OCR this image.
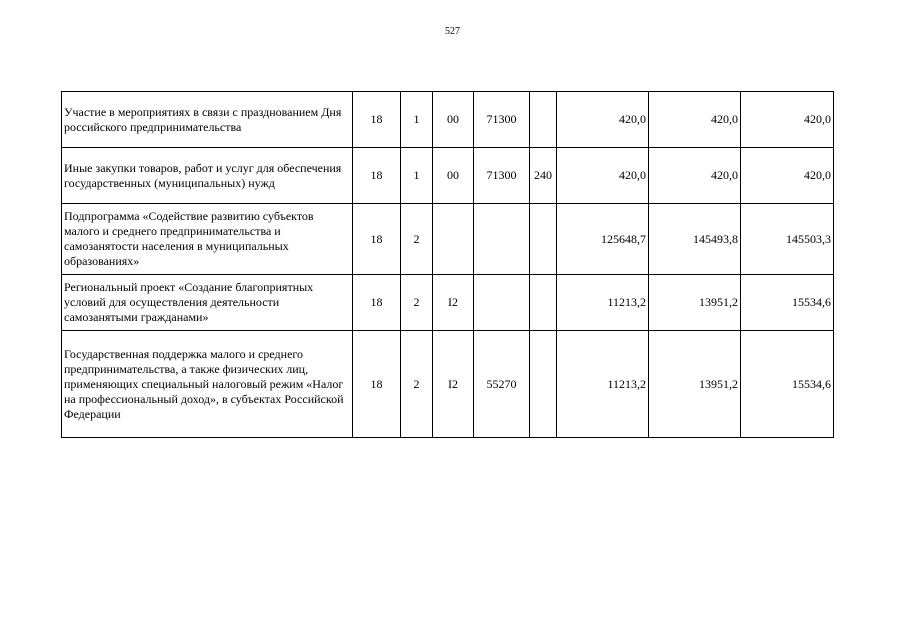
527
Участие в мероприятиях в связи с празднованием Дня российского предпринимательства	18	1	00	71300		420,0	420,0	420,0
Иные закупки товаров, работ и услуг для обеспечения государственных (муниципальных) нужд	18	1	00	71300	240	420,0	420,0	420,0
Подпрограмма «Содействие развитию субъектов малого и среднего предпринимательства и самозанятости населения в муниципальных образованиях»	18	2				125648,7	145493,8	145503,3
Региональный проект «Создание благоприятных условий для осуществления деятельности самозанятыми гражданами»	18	2	I2			11213,2	13951,2	15534,6
Государственная поддержка малого и среднего предпринимательства, а также физических лиц, применяющих специальный налоговый режим «Налог на профессиональный доход», в субъектах Российской Федерации	18	2	I2	55270		11213,2	13951,2	15534,6
